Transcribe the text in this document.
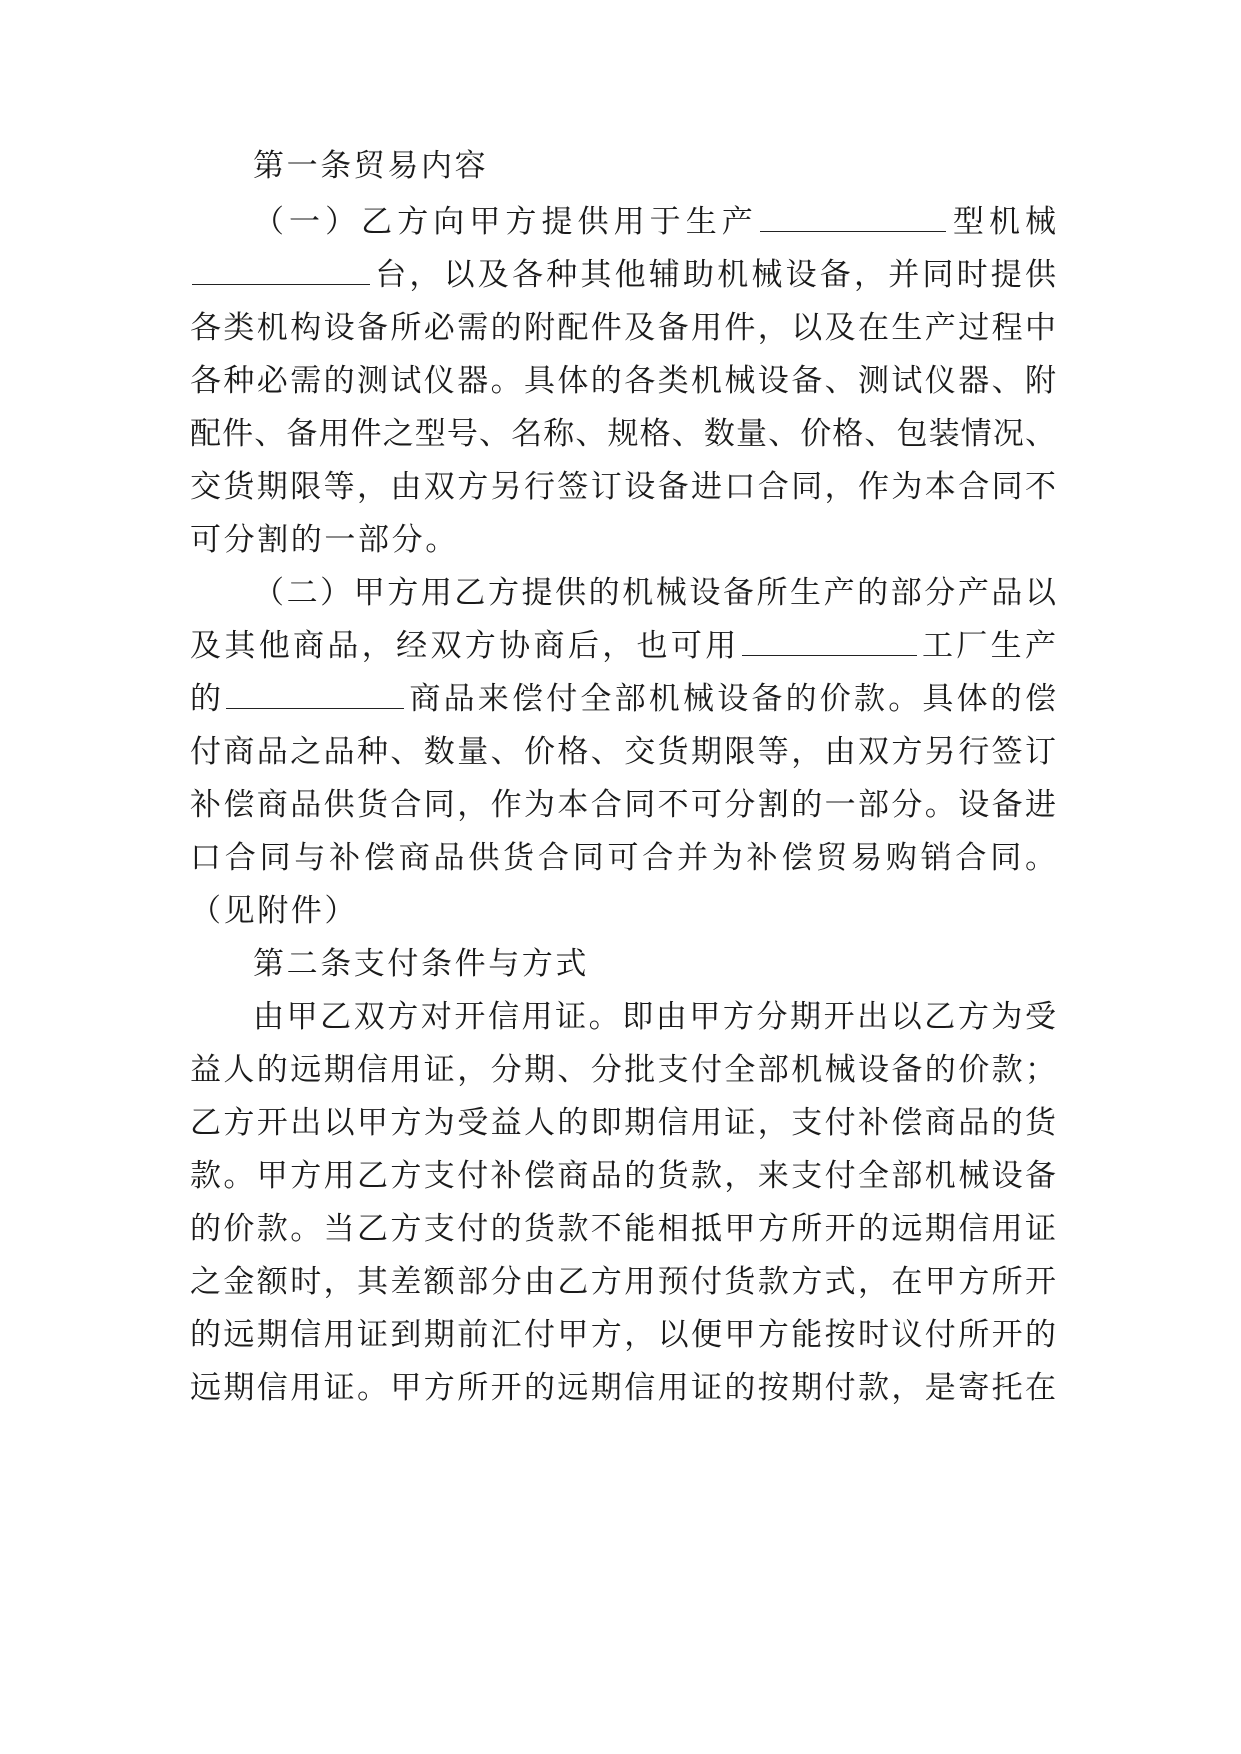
第一条贸易内容
（一）乙方向甲方提供用于生产	型机械
台，以及各种其他辅助机械设备，并同时提供
各类机构设备所必需的附配件及备用件，以及在生产过程中
各种必需的测试仪器。具体的各类机械设备、测试仪器、附
配件、备用件之型号、名称、规格、数量、价格、包装情况、
交货期限等，由双方另行签订设备进口合同，作为本合同不
可分割的一部分。
（二）甲方用乙方提供的机械设备所生产的部分产品以
及其他商品，经双方协商后，也可用	工厂生产
的	商品来偿付全部机械设备的价款。具体的偿
付商品之品种、数量、价格、交货期限等，由双方另行签订
补偿商品供货合同，作为本合同不可分割的一部分。设备进
口合同与补偿商品供货合同可合并为补偿贸易购销合同。
（见附件）
第二条支付条件与方式
由甲乙双方对开信用证。即由甲方分期开出以乙方为受
益人的远期信用证，分期、分批支付全部机械设备的价款；
乙方开出以甲方为受益人的即期信用证，支付补偿商品的货
款。甲方用乙方支付补偿商品的货款，来支付全部机械设备
的价款。当乙方支付的货款不能相抵甲方所开的远期信用证
之金额时，其差额部分由乙方用预付货款方式，在甲方所开
的远期信用证到期前汇付甲方，以便甲方能按时议付所开的
远期信用证。甲方所开的远期信用证的按期付款，是寄托在
